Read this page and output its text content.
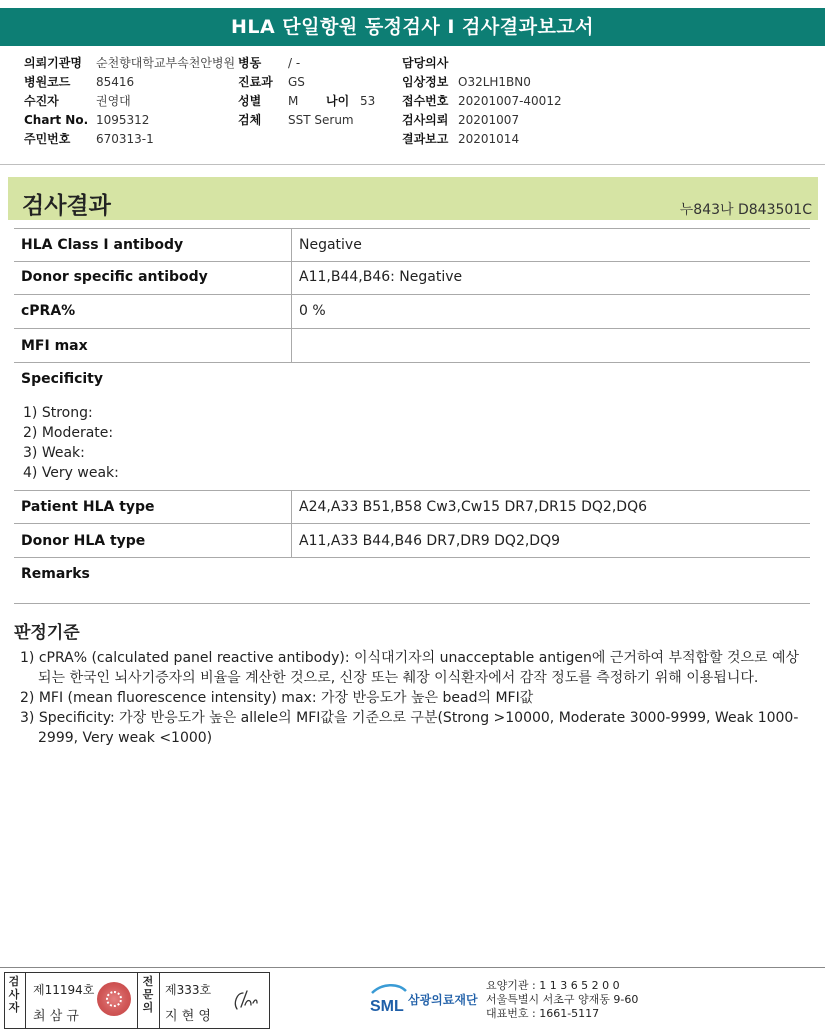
HLA 단일항원 동정검사 I 검사결과보고서
의뢰기관명 순천향대학교부속천안병원
병원코드 85416
수진자	권영대
Chart No. 1095312
주민번호 670313-1
병동 / -
진료과 GS
성별 M 나이 53
검체 SST Serum
담당의사
임상정보 O32LH1BN0
접수번호 20201007-40012
검사의뢰 20201007
결과보고 20201014
검사결과	누843나 D843501C
HLA Class Ⅰ antibody	Negative
Donor specific antibody	A11,B44,B46: Negative
cPRA%	0 %
MFI max
Specificity
1) Strong:
2) Moderate:
3) Weak:
4) Very weak:
Patient HLA type	A24,A33 B51,B58 Cw3,Cw15 DR7,DR15 DQ2,DQ6
Donor HLA type	A11,A33 B44,B46 DR7,DR9 DQ2,DQ9
Remarks
판정기준
1) cPRA% (calculated panel reactive antibody): 이식대기자의 unacceptable antigen에 근거하여 부적합할 것으로 예상되는 한국인 뇌사기증자의 비율을 계산한 것으로, 신장 또는 췌장 이식환자에서 감작 정도를 측정하기 위해 이용됩니다.
2) MFI (mean fluorescence intensity) max: 가장 반응도가 높은 bead의 MFI값
3) Specificity: 가장 반응도가 높은 allele의 MFI값을 기준으로 구분(Strong >10000, Moderate 3000-9999, Weak 1000-2999, Very weak <1000)
검
사
자
제11194호
최 삼 규
전
문
의
제333호
지 현 영
SML 삼광의료재단
요양기관 : 1 1 3 6 5 2 0 0
서울특별시 서초구 양재동 9-60
대표번호 : 1661-5117
